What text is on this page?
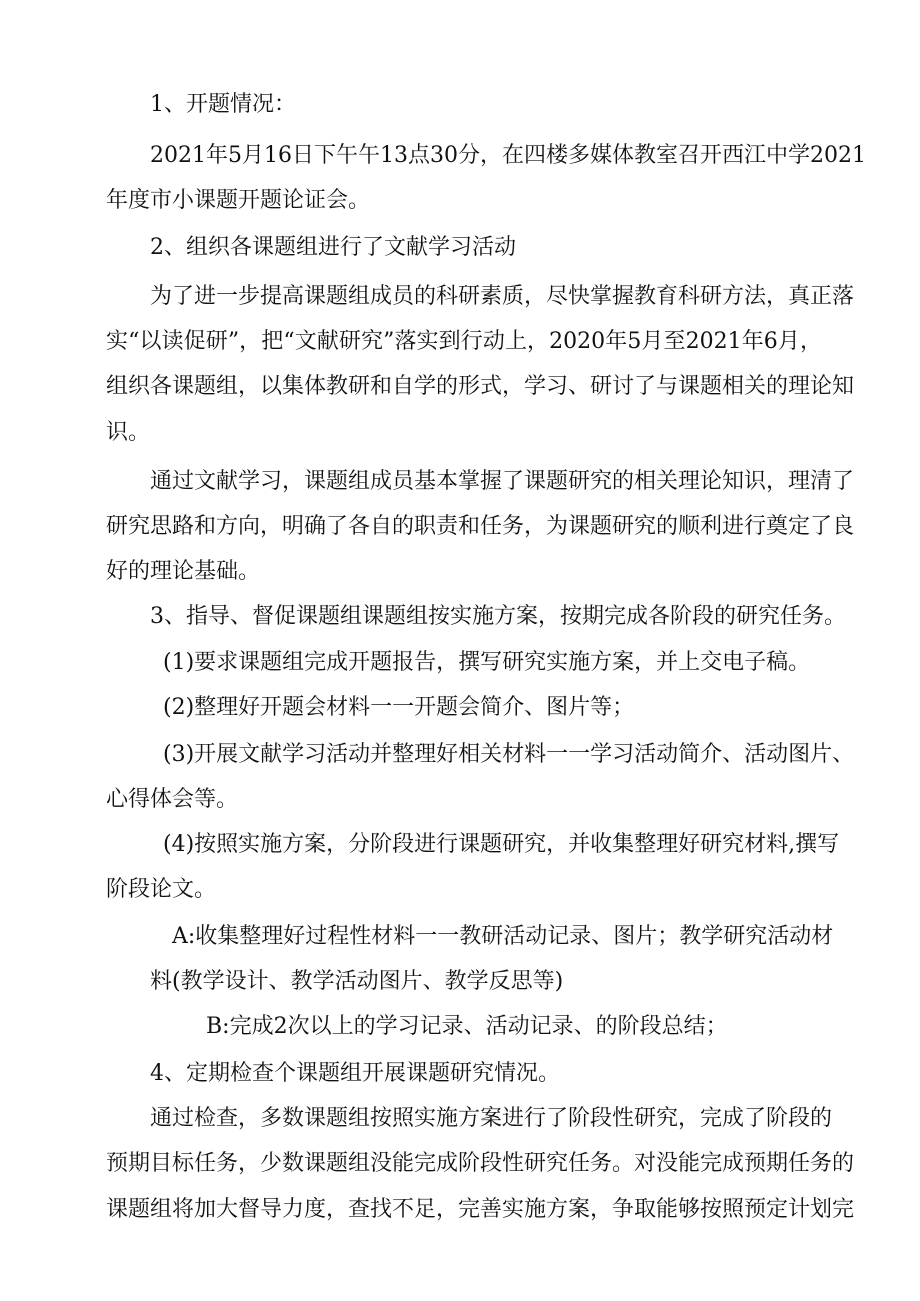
1、开题情况：
2021年5月16日下午午13点30分，在四楼多媒体教室召开西江中学2021
年度市小课题开题论证会。
2、组织各课题组进行了文献学习活动
为了进一步提高课题组成员的科研素质，尽快掌握教育科研方法，真正落
实“以读促研”，把“文献研究”落实到行动上，2020年5月至2021年6月，
组织各课题组，以集体教研和自学的形式，学习、研讨了与课题相关的理论知
识。
通过文献学习，课题组成员基本掌握了课题研究的相关理论知识，理清了
研究思路和方向，明确了各自的职责和任务，为课题研究的顺利进行奠定了良
好的理论基础。
3、指导、督促课题组课题组按实施方案，按期完成各阶段的研究任务。
(1)要求课题组完成开题报告，撰写研究实施方案，并上交电子稿。
(2)整理好开题会材料一一开题会简介、图片等；
(3)开展文献学习活动并整理好相关材料一一学习活动简介、活动图片、
心得体会等。
(4)按照实施方案，分阶段进行课题研究，并收集整理好研究材料,撰写
阶段论文。
A:收集整理好过程性材料一一教研活动记录、图片；教学研究活动材
料(教学设计、教学活动图片、教学反思等)
B:完成2次以上的学习记录、活动记录、的阶段总结；
4、定期检查个课题组开展课题研究情况。
通过检查，多数课题组按照实施方案进行了阶段性研究，完成了阶段的
预期目标任务，少数课题组没能完成阶段性研究任务。对没能完成预期任务的
课题组将加大督导力度，查找不足，完善实施方案，争取能够按照预定计划完
